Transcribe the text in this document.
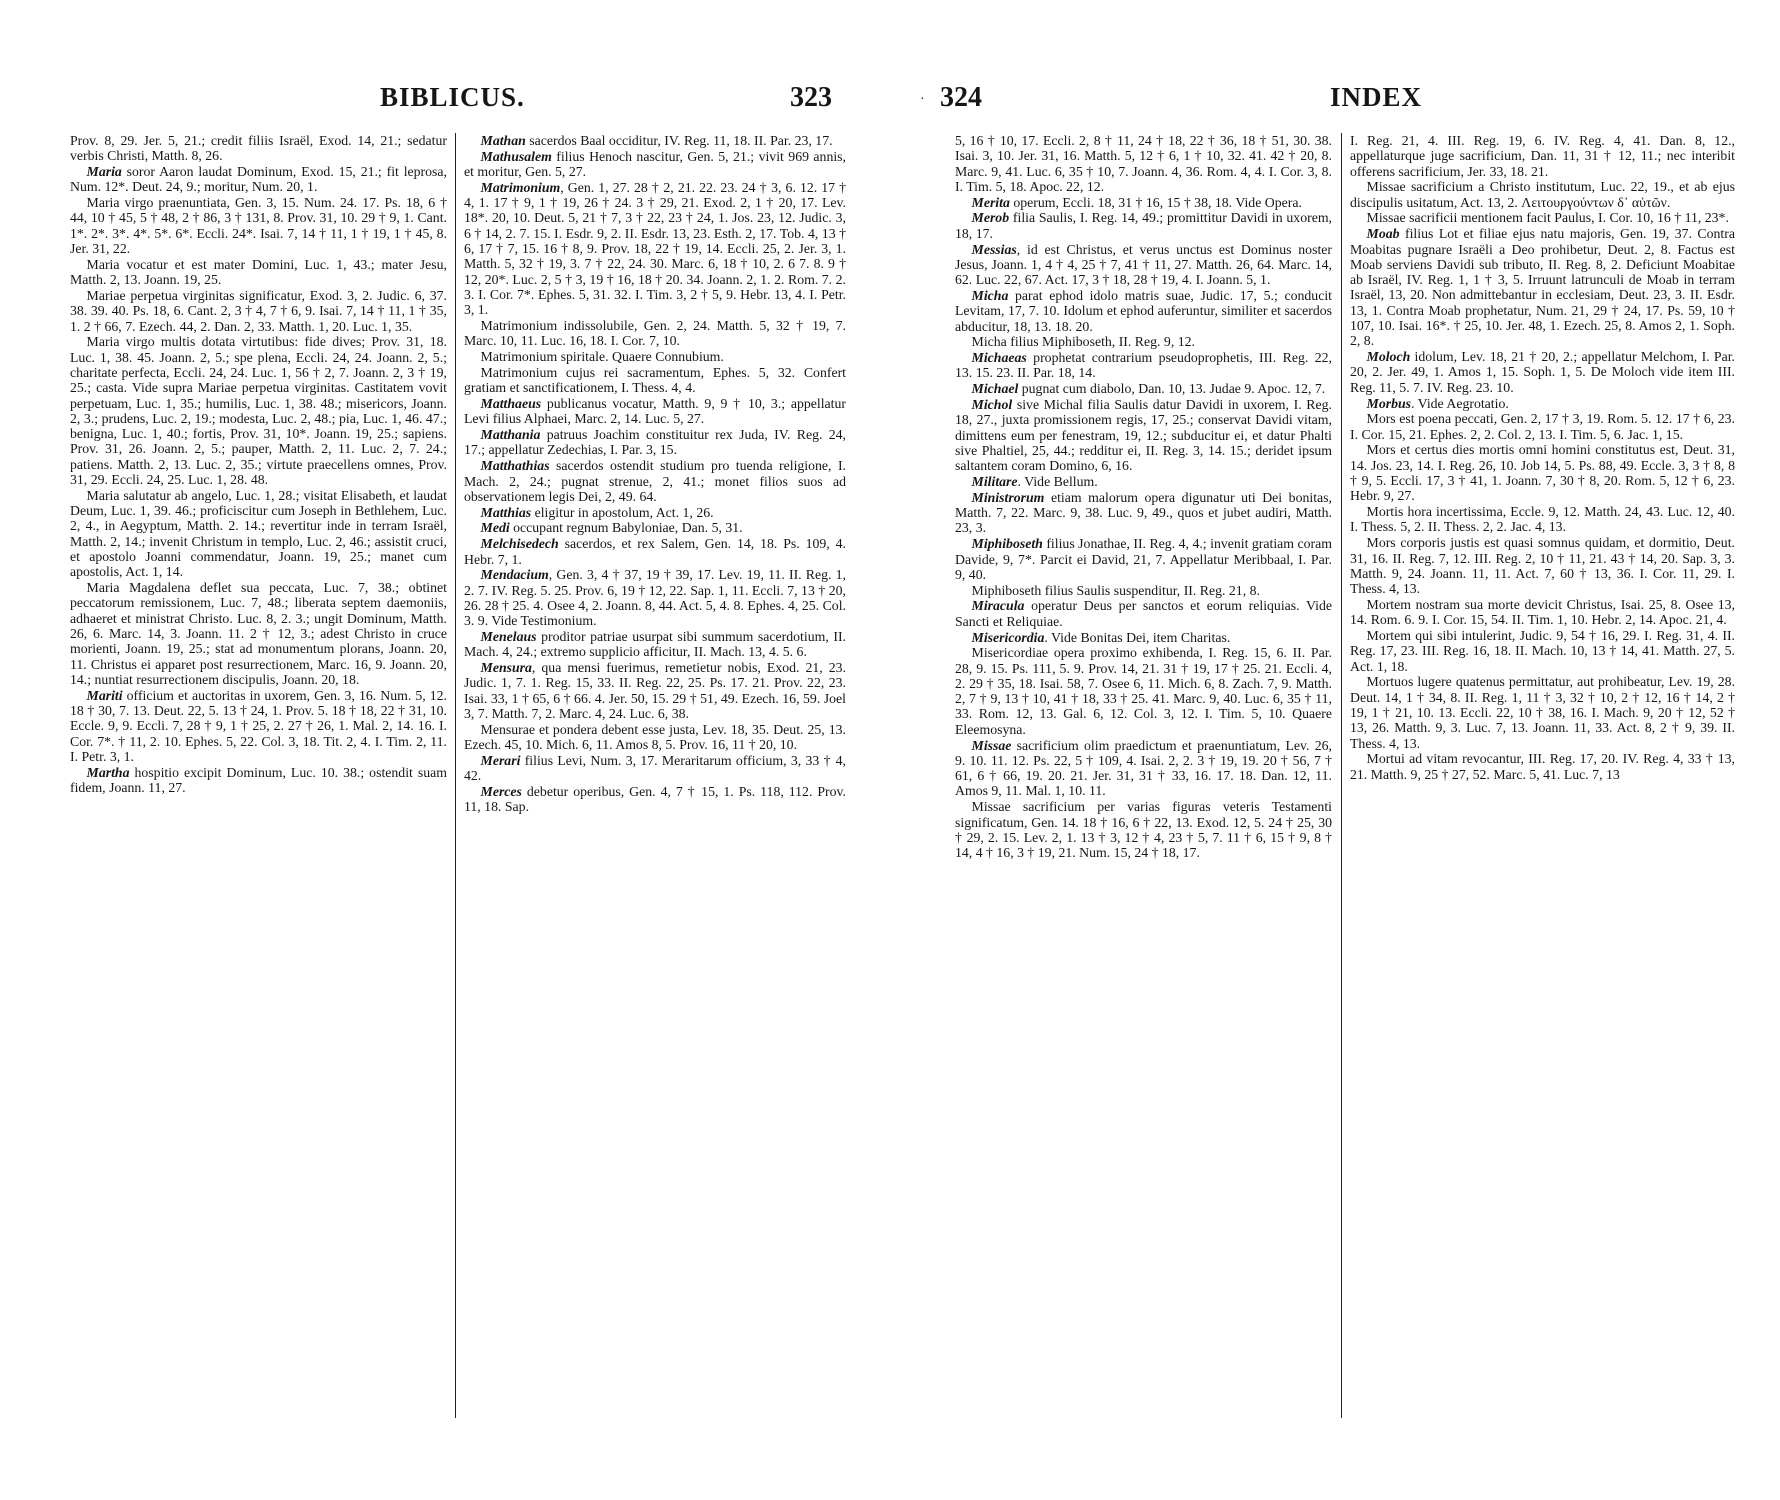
BIBLICUS.	323

Prov. 8, 29. Jer. 5, 21.; credit filiis Israël, Exod. 14, 21.; sedatur verbis Christi, Matth. 8, 26.

Maria soror Aaron laudat Dominum, Exod. 15, 21.; fit leprosa, Num. 12*. Deut. 24, 9.; moritur, Num. 20, 1.

Maria virgo praenuntiata, Gen. 3, 15. Num. 24. 17. Ps. 18, 6 † 44, 10 † 45, 5 † 48, 2 † 86, 3 † 131, 8. Prov. 31, 10. 29 † 9, 1. Cant. 1*. 2*. 3*. 4*. 5*. 6*. Eccli. 24*. Isai. 7, 14 † 11, 1 † 19, 1 † 45, 8. Jer. 31, 22.

Maria vocatur et est mater Domini, Luc. 1, 43.; mater Jesu, Matth. 2, 13. Joann. 19, 25.

Mariae perpetua virginitas significatur, Exod. 3, 2. Judic. 6, 37. 38. 39. 40. Ps. 18, 6. Cant. 2, 3 † 4, 7 † 6, 9. Isai. 7, 14 † 11, 1 † 35, 1. 2 † 66, 7. Ezech. 44, 2. Dan. 2, 33. Matth. 1, 20. Luc. 1, 35.

Maria virgo multis dotata virtutibus: fide dives; Prov. 31, 18. Luc. 1, 38. 45. Joann. 2, 5.; spe plena, Eccli. 24, 24. Joann. 2, 5.; charitate perfecta, Eccli. 24, 24. Luc. 1, 56 † 2, 7. Joann. 2, 3 † 19, 25.; casta. Vide supra Mariae perpetua virginitas. Castitatem vovit perpetuam, Luc. 1, 35.; humilis, Luc. 1, 38. 48.; misericors, Joann. 2, 3.; prudens, Luc. 2, 19.; modesta, Luc. 2, 48.; pia, Luc. 1, 46. 47.; benigna, Luc. 1, 40.; fortis, Prov. 31, 10*. Joann. 19, 25.; sapiens. Prov. 31, 26. Joann. 2, 5.; pauper, Matth. 2, 11. Luc. 2, 7. 24.; patiens. Matth. 2, 13. Luc. 2, 35.; virtute praecellens omnes, Prov. 31, 29. Eccli. 24, 25. Luc. 1, 28. 48.

Maria salutatur ab angelo, Luc. 1, 28.; visitat Elisabeth, et laudat Deum, Luc. 1, 39. 46.; proficiscitur cum Joseph in Bethlehem, Luc. 2, 4., in Aegyptum, Matth. 2. 14.; revertitur inde in terram Israël, Matth. 2, 14.; invenit Christum in templo, Luc. 2, 46.; assistit cruci, et apostolo Joanni commendatur, Joann. 19, 25.; manet cum apostolis, Act. 1, 14.

Maria Magdalena deflet sua peccata, Luc. 7, 38.; obtinet peccatorum remissionem, Luc. 7, 48.; liberata septem daemoniis, adhaeret et ministrat Christo. Luc. 8, 2. 3.; ungit Dominum, Matth. 26, 6. Marc. 14, 3. Joann. 11. 2 † 12, 3.; adest Christo in cruce morienti, Joann. 19, 25.; stat ad monumentum plorans, Joann. 20, 11. Christus ei apparet post resurrectionem, Marc. 16, 9. Joann. 20, 14.; nuntiat resurrectionem discipulis, Joann. 20, 18.

Mariti officium et auctoritas in uxorem, Gen. 3, 16. Num. 5, 12. 18 † 30, 7. 13. Deut. 22, 5. 13 † 24, 1. Prov. 5. 18 † 18, 22 † 31, 10. Eccle. 9, 9. Eccli. 7, 28 † 9, 1 † 25, 2. 27 † 26, 1. Mal. 2, 14. 16. I. Cor. 7*. † 11, 2. 10. Ephes. 5, 22. Col. 3, 18. Tit. 2, 4. I. Tim. 2, 11. I. Petr. 3, 1.

Martha hospitio excipit Dominum, Luc. 10. 38.; ostendit suam fidem, Joann. 11, 27.

Mathan sacerdos Baal occiditur, IV. Reg. 11, 18. II. Par. 23, 17.

Mathusalem filius Henoch nascitur, Gen. 5, 21.; vivit 969 annis, et moritur, Gen. 5, 27.

Matrimonium, Gen. 1, 27. 28 † 2, 21. 22. 23. 24 † 3, 6. 12. 17 † 4, 1. 17 † 9, 1 † 19, 26 † 24. 3 † 29, 21. Exod. 2, 1 † 20, 17. Lev. 18*. 20, 10. Deut. 5, 21 † 7, 3 † 22, 23 † 24, 1. Jos. 23, 12. Judic. 3, 6 † 14, 2. 7. 15. I. Esdr. 9, 2. II. Esdr. 13, 23. Esth. 2, 17. Tob. 4, 13 † 6, 17 † 7, 15. 16 † 8, 9. Prov. 18, 22 † 19, 14. Eccli. 25, 2. Jer. 3, 1. Matth. 5, 32 † 19, 3. 7 † 22, 24. 30. Marc. 6, 18 † 10, 2. 6 7. 8. 9 † 12, 20*. Luc. 2, 5 † 3, 19 † 16, 18 † 20. 34. Joann. 2, 1. 2. Rom. 7. 2. 3. I. Cor. 7*. Ephes. 5, 31. 32. I. Tim. 3, 2 † 5, 9. Hebr. 13, 4. I. Petr. 3, 1.

Matrimonium indissolubile, Gen. 2, 24. Matth. 5, 32 † 19, 7. Marc. 10, 11. Luc. 16, 18. I. Cor. 7, 10.

Matrimonium spiritale. Quaere Connubium.

Matrimonium cujus rei sacramentum, Ephes. 5, 32. Confert gratiam et sanctificationem, I. Thess. 4, 4.

Matthaeus publicanus vocatur, Matth. 9, 9 † 10, 3.; appellatur Levi filius Alphaei, Marc. 2, 14. Luc. 5, 27.

Matthania patruus Joachim constituitur rex Juda, IV. Reg. 24, 17.; appellatur Zedechias, I. Par. 3, 15.

Matthathias sacerdos ostendit studium pro tuenda religione, I. Mach. 2, 24.; pugnat strenue, 2, 41.; monet filios suos ad observationem legis Dei, 2, 49. 64.

Matthias eligitur in apostolum, Act. 1, 26.

Medi occupant regnum Babyloniae, Dan. 5, 31.

Melchisedech sacerdos, et rex Salem, Gen. 14, 18. Ps. 109, 4. Hebr. 7, 1.

Mendacium, Gen. 3, 4 † 37, 19 † 39, 17. Lev. 19, 11. II. Reg. 1, 2. 7. IV. Reg. 5. 25. Prov. 6, 19 † 12, 22. Sap. 1, 11. Eccli. 7, 13 † 20, 26. 28 † 25. 4. Osee 4, 2. Joann. 8, 44. Act. 5, 4. 8. Ephes. 4, 25. Col. 3. 9. Vide Testimonium.

Menelaus proditor patriae usurpat sibi summum sacerdotium, II. Mach. 4, 24.; extremo supplicio afficitur, II. Mach. 13, 4. 5. 6.

Mensura, qua mensi fuerimus, remetietur nobis, Exod. 21, 23. Judic. 1, 7. 1. Reg. 15, 33. II. Reg. 22, 25. Ps. 17. 21. Prov. 22, 23. Isai. 33, 1 † 65, 6 † 66. 4. Jer. 50, 15. 29 † 51, 49. Ezech. 16, 59. Joel 3, 7. Matth. 7, 2. Marc. 4, 24. Luc. 6, 38.

Mensurae et pondera debent esse justa, Lev. 18, 35. Deut. 25, 13. Ezech. 45, 10. Mich. 6, 11. Amos 8, 5. Prov. 16, 11 † 20, 10.

Merari filius Levi, Num. 3, 17. Meraritarum officium, 3, 33 † 4, 42.

Merces debetur operibus, Gen. 4, 7 † 15, 1. Ps. 118, 112. Prov. 11, 18. Sap.

· 324	INDEX

5, 16 † 10, 17. Eccli. 2, 8 † 11, 24 † 18, 22 † 36, 18 † 51, 30. 38. Isai. 3, 10. Jer. 31, 16. Matth. 5, 12 † 6, 1 † 10, 32. 41. 42 † 20, 8. Marc. 9, 41. Luc. 6, 35 † 10, 7. Joann. 4, 36. Rom. 4, 4. I. Cor. 3, 8. I. Tim. 5, 18. Apoc. 22, 12.

Merita operum, Eccli. 18, 31 † 16, 15 † 38, 18. Vide Opera.

Merob filia Saulis, I. Reg. 14, 49.; promittitur Davidi in uxorem, 18, 17.

Messias, id est Christus, et verus unctus est Dominus noster Jesus, Joann. 1, 4 † 4, 25 † 7, 41 † 11, 27. Matth. 26, 64. Marc. 14, 62. Luc. 22, 67. Act. 17, 3 † 18, 28 † 19, 4. I. Joann. 5, 1.

Micha parat ephod idolo matris suae, Judic. 17, 5.; conducit Levitam, 17, 7. 10. Idolum et ephod auferuntur, similiter et sacerdos abducitur, 18, 13. 18. 20.

Micha filius Miphiboseth, II. Reg. 9, 12.

Michaeas prophetat contrarium pseudoprophetis, III. Reg. 22, 13. 15. 23. II. Par. 18, 14.

Michael pugnat cum diabolo, Dan. 10, 13. Judae 9. Apoc. 12, 7.

Michol sive Michal filia Saulis datur Davidi in uxorem, I. Reg. 18, 27., juxta promissionem regis, 17, 25.; conservat Davidi vitam, dimittens eum per fenestram, 19, 12.; subducitur ei, et datur Phalti sive Phaltiel, 25, 44.; redditur ei, II. Reg. 3, 14. 15.; deridet ipsum saltantem coram Domino, 6, 16.

Militare. Vide Bellum.

Ministrorum etiam malorum opera digunatur uti Dei bonitas, Matth. 7, 22. Marc. 9, 38. Luc. 9, 49., quos et jubet audiri, Matth. 23, 3.

Miphiboseth filius Jonathae, II. Reg. 4, 4.; invenit gratiam coram Davide, 9, 7*. Parcit ei David, 21, 7. Appellatur Meribbaal, I. Par. 9, 40.

Miphiboseth filius Saulis suspenditur, II. Reg. 21, 8.

Miracula operatur Deus per sanctos et eorum reliquias. Vide Sancti et Reliquiae.

Misericordia. Vide Bonitas Dei, item Charitas.

Misericordiae opera proximo exhibenda, I. Reg. 15, 6. II. Par. 28, 9. 15. Ps. 111, 5. 9. Prov. 14, 21. 31 † 19, 17 † 25. 21. Eccli. 4, 2. 29 † 35, 18. Isai. 58, 7. Osee 6, 11. Mich. 6, 8. Zach. 7, 9. Matth. 2, 7 † 9, 13 † 10, 41 † 18, 33 † 25. 41. Marc. 9, 40. Luc. 6, 35 † 11, 33. Rom. 12, 13. Gal. 6, 12. Col. 3, 12. I. Tim. 5, 10. Quaere Eleemosyna.

Missae sacrificium olim praedictum et praenuntiatum, Lev. 26, 9. 10. 11. 12. Ps. 22, 5 † 109, 4. Isai. 2, 2. 3 † 19, 19. 20 † 56, 7 † 61, 6 † 66, 19. 20. 21. Jer. 31, 31 † 33, 16. 17. 18. Dan. 12, 11. Amos 9, 11. Mal. 1, 10. 11.

Missae sacrificium per varias figuras veteris Testamenti significatum, Gen. 14. 18 † 16, 6 † 22, 13. Exod. 12, 5. 24 † 25, 30 † 29, 2. 15. Lev. 2, 1. 13 † 3, 12 † 4, 23 † 5, 7. 11 † 6, 15 † 9, 8 † 14, 4 † 16, 3 † 19, 21. Num. 15, 24 † 18, 17.

I. Reg. 21, 4. III. Reg. 19, 6. IV. Reg. 4, 41. Dan. 8, 12., appellaturque juge sacrificium, Dan. 11, 31 † 12, 11.; nec interibit offerens sacrificium, Jer. 33, 18. 21.

Missae sacrificium a Christo institutum, Luc. 22, 19., et ab ejus discipulis usitatum, Act. 13, 2. Λειτουργούντων δ᾽ αὐτῶν.

Missae sacrificii mentionem facit Paulus, I. Cor. 10, 16 † 11, 23*.

Moab filius Lot et filiae ejus natu majoris, Gen. 19, 37. Contra Moabitas pugnare Israëli a Deo prohibetur, Deut. 2, 8. Factus est Moab serviens Davidi sub tributo, II. Reg. 8, 2. Deficiunt Moabitae ab Israël, IV. Reg. 1, 1 † 3, 5. Irruunt latrunculi de Moab in terram Israël, 13, 20. Non admittebantur in ecclesiam, Deut. 23, 3. II. Esdr. 13, 1. Contra Moab prophetatur, Num. 21, 29 † 24, 17. Ps. 59, 10 † 107, 10. Isai. 16*. † 25, 10. Jer. 48, 1. Ezech. 25, 8. Amos 2, 1. Soph. 2, 8.

Moloch idolum, Lev. 18, 21 † 20, 2.; appellatur Melchom, I. Par. 20, 2. Jer. 49, 1. Amos 1, 15. Soph. 1, 5. De Moloch vide item III. Reg. 11, 5. 7. IV. Reg. 23. 10.

Morbus. Vide Aegrotatio.

Mors est poena peccati, Gen. 2, 17 † 3, 19. Rom. 5. 12. 17 † 6, 23. I. Cor. 15, 21. Ephes. 2, 2. Col. 2, 13. I. Tim. 5, 6. Jac. 1, 15.

Mors et certus dies mortis omni homini constitutus est, Deut. 31, 14. Jos. 23, 14. I. Reg. 26, 10. Job 14, 5. Ps. 88, 49. Eccle. 3, 3 † 8, 8 † 9, 5. Eccli. 17, 3 † 41, 1. Joann. 7, 30 † 8, 20. Rom. 5, 12 † 6, 23. Hebr. 9, 27.

Mortis hora incertissima, Eccle. 9, 12. Matth. 24, 43. Luc. 12, 40. I. Thess. 5, 2. II. Thess. 2, 2. Jac. 4, 13.

Mors corporis justis est quasi somnus quidam, et dormitio, Deut. 31, 16. II. Reg. 7, 12. III. Reg. 2, 10 † 11, 21. 43 † 14, 20. Sap. 3, 3. Matth. 9, 24. Joann. 11, 11. Act. 7, 60 † 13, 36. I. Cor. 11, 29. I. Thess. 4, 13.

Mortem nostram sua morte devicit Christus, Isai. 25, 8. Osee 13, 14. Rom. 6. 9. I. Cor. 15, 54. II. Tim. 1, 10. Hebr. 2, 14. Apoc. 21, 4.

Mortem qui sibi intulerint, Judic. 9, 54 † 16, 29. I. Reg. 31, 4. II. Reg. 17, 23. III. Reg. 16, 18. II. Mach. 10, 13 † 14, 41. Matth. 27, 5. Act. 1, 18.

Mortuos lugere quatenus permittatur, aut prohibeatur, Lev. 19, 28. Deut. 14, 1 † 34, 8. II. Reg. 1, 11 † 3, 32 † 10, 2 † 12, 16 † 14, 2 † 19, 1 † 21, 10. 13. Eccli. 22, 10 † 38, 16. I. Mach. 9, 20 † 12, 52 † 13, 26. Matth. 9, 3. Luc. 7, 13. Joann. 11, 33. Act. 8, 2 † 9, 39. II. Thess. 4, 13.

Mortui ad vitam revocantur, III. Reg. 17, 20. IV. Reg. 4, 33 † 13, 21. Matth. 9, 25 † 27, 52. Marc. 5, 41. Luc. 7, 13
